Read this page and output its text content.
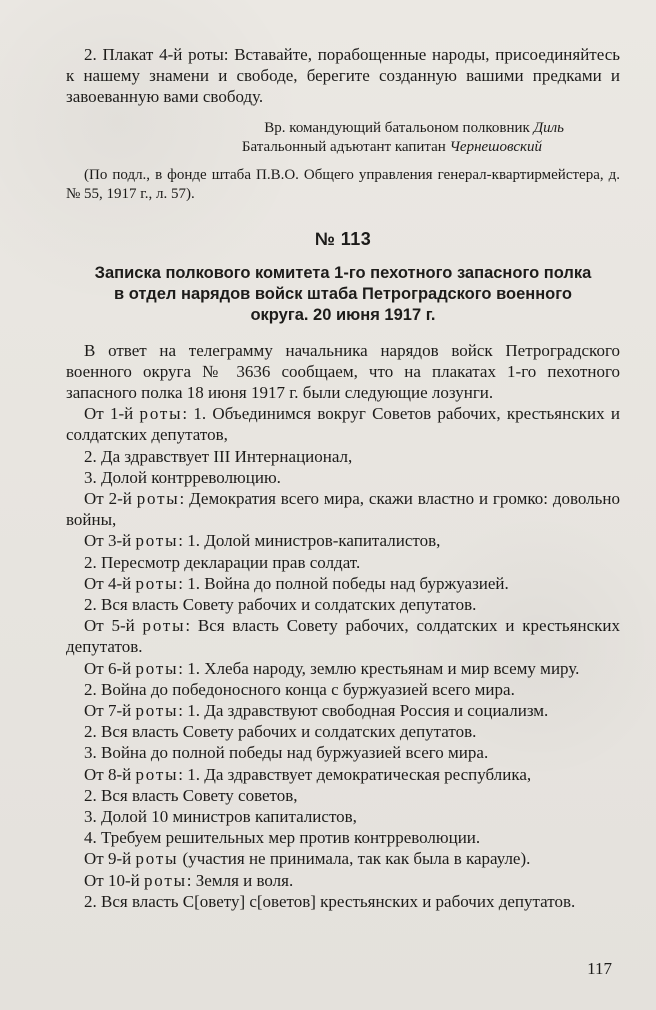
2. Плакат 4-й роты: Вставайте, порабощенные народы, присоединяйтесь к нашему знамени и свободе, берегите созданную вашими предками и завоеванную вами свободу.

Вр. командующий батальоном полковник Диль
Батальонный адъютант капитан Чернешовский

(По подл., в фонде штаба П.В.О. Общего управления генерал-квартирмейстера, д. № 55, 1917 г., л. 57).

№ 113
Записка полкового комитета 1-го пехотного запасного полка
в отдел нарядов войск штаба Петроградского военного
округа. 20 июня 1917 г.

В ответ на телеграмму начальника нарядов войск Петроградского военного округа № 3636 сообщаем, что на плакатах 1-го пехотного запасного полка 18 июня 1917 г. были следующие лозунги.

От 1-й роты: 1. Объединимся вокруг Советов рабочих, крестьянских и солдатских депутатов,

2. Да здравствует III Интернационал,

3. Долой контрреволюцию.

От 2-й роты: Демократия всего мира, скажи властно и громко: довольно войны,

От 3-й роты: 1. Долой министров-капиталистов,

2. Пересмотр декларации прав солдат.

От 4-й роты: 1. Война до полной победы над буржуазией.

2. Вся власть Совету рабочих и солдатских депутатов.

От 5-й роты: Вся власть Совету рабочих, солдатских и крестьянских депутатов.

От 6-й роты: 1. Хлеба народу, землю крестьянам и мир всему миру.

2. Война до победоносного конца с буржуазией всего мира.

От 7-й роты: 1. Да здравствуют свободная Россия и социализм.

2. Вся власть Совету рабочих и солдатских депутатов.

3. Война до полной победы над буржуазией всего мира.

От 8-й роты: 1. Да здравствует демократическая республика,

2. Вся власть Совету советов,

3. Долой 10 министров капиталистов,

4. Требуем решительных мер против контрреволюции.

От 9-й роты (участия не принимала, так как была в карауле).

От 10-й роты: Земля и воля.

2. Вся власть С[овету] с[оветов] крестьянских и рабочих депутатов.

117
